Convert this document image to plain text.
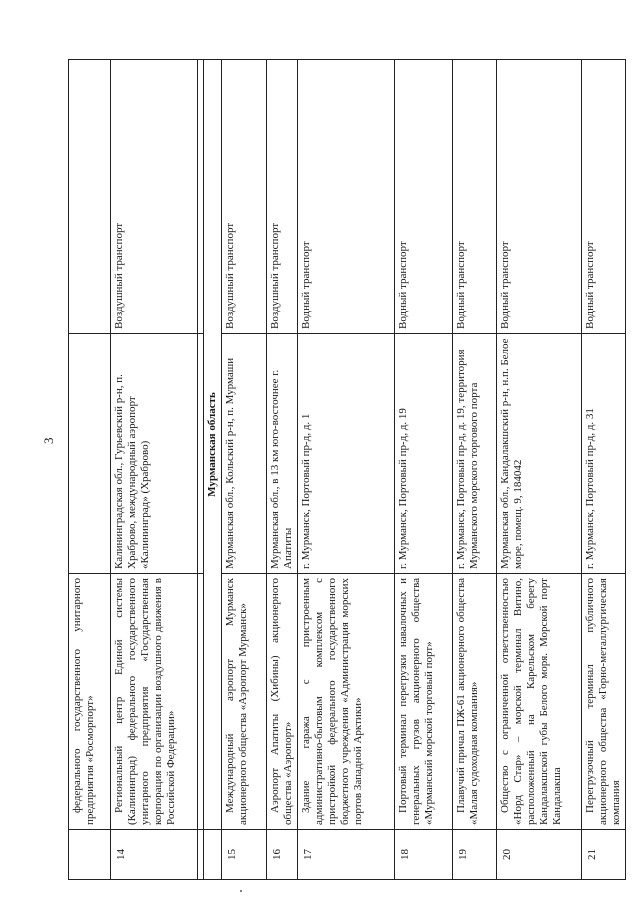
3
	федерального государственного унитарного предприятия «Росморпорт»		
14	Региональный центр Единой системы (Калининград) федерального государственного унитарного предприятия «Государственная корпорация по организации воздушного движения в Российской Федерации»	Калининградская обл., Гурьевский р-н, п. Храброво, международный аэропорт «Калининград» (Храброво)	Воздушный транспорт

	Мурманская область		
15	Международный аэропорт Мурманск акционерного общества «Аэропорт Мурманск»	Мурманская обл., Кольский р-н, п. Мурмаши	Воздушный транспорт
16	Аэропорт Апатиты (Хибины) акционерного общества «Аэропорт»	Мурманская обл., в 13 км юго-восточнее г. Апатиты	Воздушный транспорт
17	Здание гаража с пристроенным административно-бытовым комплексом с пристройкой федерального государственного бюджетного учреждения «Администрация морских портов Западной Арктики»	г. Мурманск, Портовый пр-д, д. 1	Водный транспорт
18	Портовый терминал перегрузки навалочных и генеральных грузов акционерного общества «Мурманский морской торговый порт»	г. Мурманск, Портовый пр-д, д. 19	Водный транспорт
19	Плавучий причал ПЖ-61 акционерного общества «Малая судоходная компания»	г. Мурманск, Портовый пр-д, д. 19, территория Мурманского морского торгового порта	Водный транспорт
20	Общество с ограниченной ответственностью «Норд Стар» – морской терминал Витино, расположенный на Карельском берегу Кандалакшской губы Белого моря. Морской порт Кандалакша	Мурманская обл., Кандалакшский р-н, н.п. Белое море, помещ. 9, 184042	Водный транспорт
21	Перегрузочный терминал публичного акционерного общества «Горно-металлургическая компания	г. Мурманск, Портовый пр-д, д. 31	Водный транспорт
